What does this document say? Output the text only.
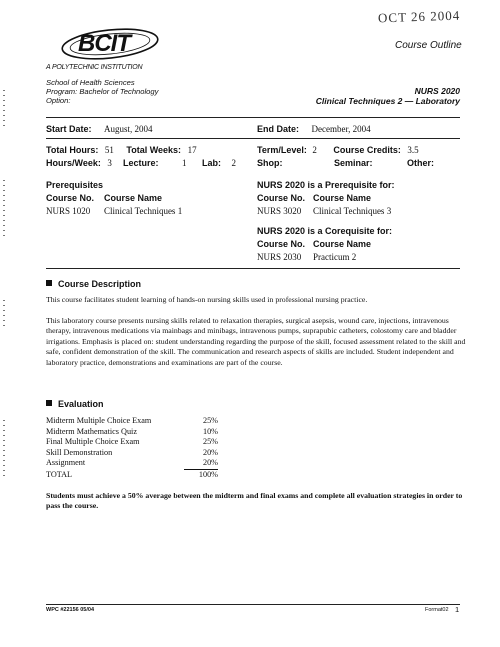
OCT 26 2004
BCIT
A POLYTECHNIC INSTITUTION
Course Outline
School of Health Sciences
Program: Bachelor of Technology
Option:
NURS 2020
Clinical Techniques 2 — Laboratory
Start Date: August, 2004	End Date: December, 2004
Total Hours: 51 Total Weeks: 17	Term/Level: 2 Course Credits: 3.5
Hours/Week: 3 Lecture:	1 Lab: 2 Shop:	Seminar:	Other:
Prerequisites
Course No. Course Name
NURS 1020 Clinical Techniques 1
NURS 2020 is a Prerequisite for:
Course No. Course Name
NURS 3020 Clinical Techniques 3
NURS 2020 is a Corequisite for:
Course No. Course Name
NURS 2030 Practicum 2
Course Description
This course facilitates student learning of hands-on nursing skills used in professional nursing practice.
This laboratory course presents nursing skills related to relaxation therapies, surgical asepsis, wound care, injections, intravenous therapy, intravenous medications via mainbags and minibags, intravenous pumps, suprapubic catheters, colostomy care and bladder irrigations. Emphasis is placed on: student understanding regarding the purpose of the skill, focused assessment related to the skill and safe, confident demonstration of the skill. The communication and research aspects of skills are included. Student independent and laboratory practice, demonstrations and examinations are part of the course.
Evaluation
Midterm Multiple Choice Exam	25%
Midterm Mathematics Quiz	10%
Final Multiple Choice Exam	25%
Skill Demonstration	20%
Assignment	20%
TOTAL	100%
Students must achieve a 50% average between the midterm and final exams and complete all evaluation strategies in order to pass the course.
WPC #22156 05/04	Format02 1
